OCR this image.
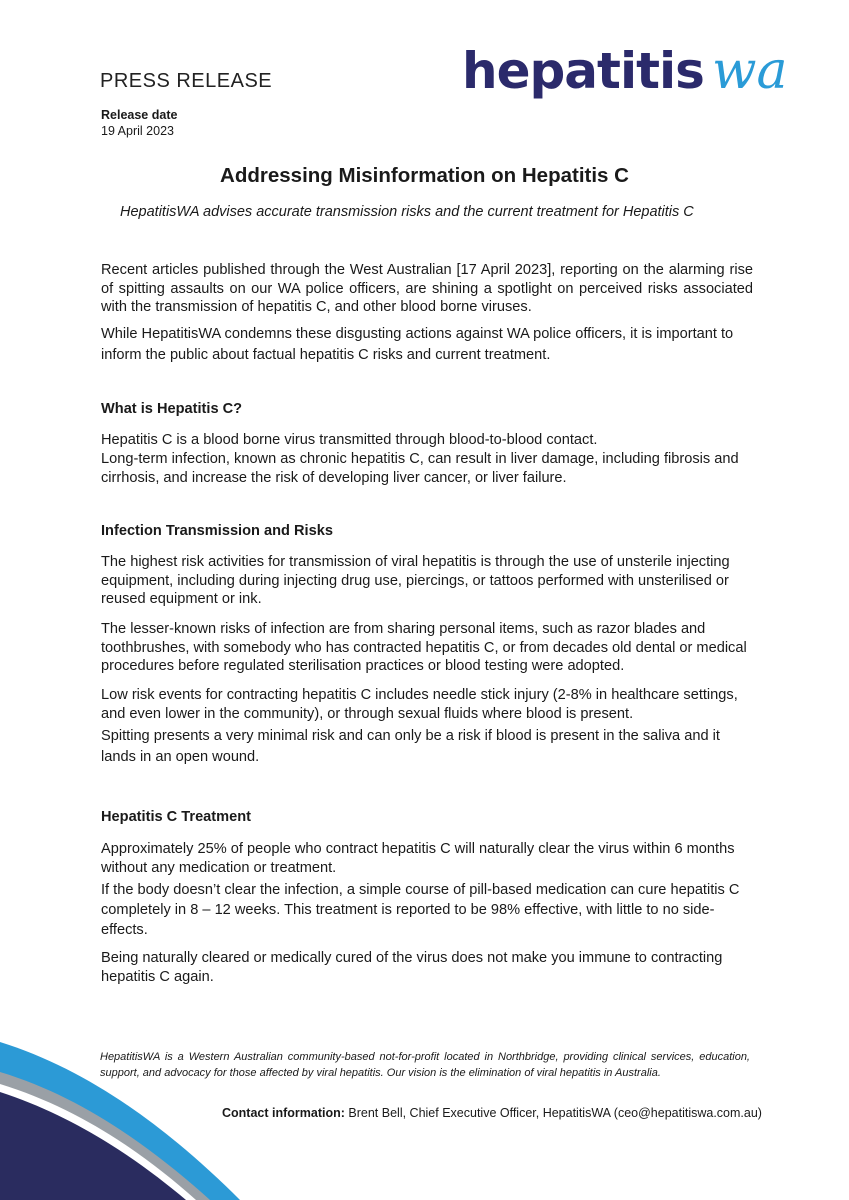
PRESS RELEASE	hepatitis wa
Release date 19 April 2023
Addressing Misinformation on Hepatitis C
HepatitisWA advises accurate transmission risks and the current treatment for Hepatitis C
Recent articles published through the West Australian [17 April 2023], reporting on the alarming rise of spitting assaults on our WA police officers, are shining a spotlight on perceived risks associated with the transmission of hepatitis C, and other blood borne viruses.
While HepatitisWA condemns these disgusting actions against WA police officers, it is important to inform the public about factual hepatitis C risks and current treatment.
What is Hepatitis C?
Hepatitis C is a blood borne virus transmitted through blood-to-blood contact.
Long-term infection, known as chronic hepatitis C, can result in liver damage, including fibrosis and cirrhosis, and increase the risk of developing liver cancer, or liver failure.
Infection Transmission and Risks
The highest risk activities for transmission of viral hepatitis is through the use of unsterile injecting equipment, including during injecting drug use, piercings, or tattoos performed with unsterilised or reused equipment or ink.
The lesser-known risks of infection are from sharing personal items, such as razor blades and toothbrushes, with somebody who has contracted hepatitis C, or from decades old dental or medical procedures before regulated sterilisation practices or blood testing were adopted.
Low risk events for contracting hepatitis C includes needle stick injury (2-8% in healthcare settings, and even lower in the community), or through sexual fluids where blood is present.
Spitting presents a very minimal risk and can only be a risk if blood is present in the saliva and it lands in an open wound.
Hepatitis C Treatment
Approximately 25% of people who contract hepatitis C will naturally clear the virus within 6 months without any medication or treatment.
If the body doesn’t clear the infection, a simple course of pill-based medication can cure hepatitis C completely in 8 – 12 weeks. This treatment is reported to be 98% effective, with little to no side-effects.
Being naturally cleared or medically cured of the virus does not make you immune to contracting hepatitis C again.
HepatitisWA is a Western Australian community-based not-for-profit located in Northbridge, providing clinical services, education, support, and advocacy for those affected by viral hepatitis. Our vision is the elimination of viral hepatitis in Australia.
Contact information: Brent Bell, Chief Executive Officer, HepatitisWA (ceo@hepatitiswa.com.au)
